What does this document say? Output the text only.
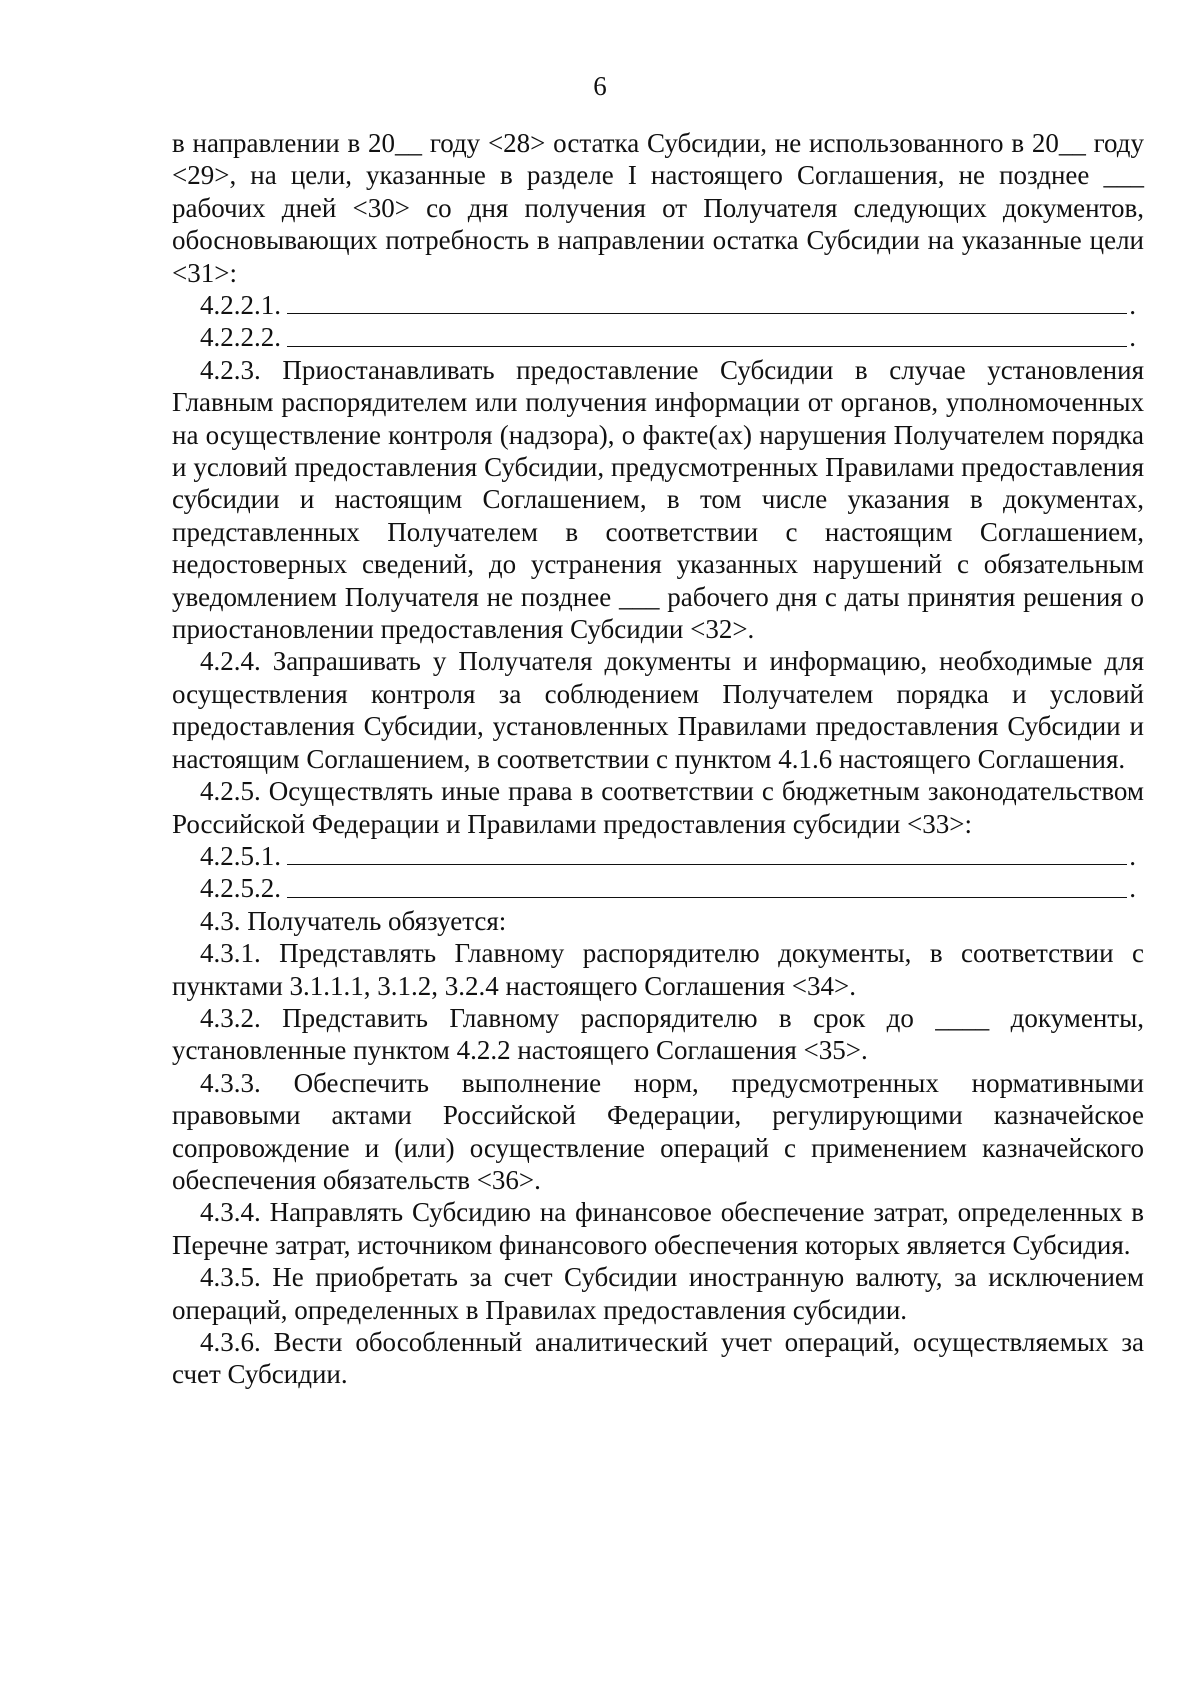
6

в направлении в 20__ году <28> остатка Субсидии, не использованного в 20__ году <29>, на цели, указанные в разделе I настоящего Соглашения, не позднее ___ рабочих дней <30> со дня получения от Получателя следующих документов, обосновывающих потребность в направлении остатка Субсидии на указанные цели <31>:

4.2.2.1.	.
4.2.2.2.	.

4.2.3. Приостанавливать предоставление Субсидии в случае установления Главным распорядителем или получения информации от органов, уполномоченных на осуществление контроля (надзора), о факте(ах) нарушения Получателем порядка и условий предоставления Субсидии, предусмотренных Правилами предоставления субсидии и настоящим Соглашением, в том числе указания в документах, представленных Получателем в соответствии с настоящим Соглашением, недостоверных сведений, до устранения указанных нарушений с обязательным уведомлением Получателя не позднее ___ рабочего дня с даты принятия решения о приостановлении предоставления Субсидии <32>.

4.2.4. Запрашивать у Получателя документы и информацию, необходимые для осуществления контроля за соблюдением Получателем порядка и условий предоставления Субсидии, установленных Правилами предоставления Субсидии и настоящим Соглашением, в соответствии с пунктом 4.1.6 настоящего Соглашения.

4.2.5. Осуществлять иные права в соответствии с бюджетным законодательством Российской Федерации и Правилами предоставления субсидии <33>:

4.2.5.1.	.
4.2.5.2.	.

4.3. Получатель обязуется:

4.3.1. Представлять Главному распорядителю документы, в соответствии с пунктами 3.1.1.1, 3.1.2, 3.2.4 настоящего Соглашения <34>.

4.3.2. Представить Главному распорядителю в срок до ____ документы, установленные пунктом 4.2.2 настоящего Соглашения <35>.

4.3.3. Обеспечить выполнение норм, предусмотренных нормативными правовыми актами Российской Федерации, регулирующими казначейское сопровождение и (или) осуществление операций с применением казначейского обеспечения обязательств <36>.

4.3.4. Направлять Субсидию на финансовое обеспечение затрат, определенных в Перечне затрат, источником финансового обеспечения которых является Субсидия.

4.3.5. Не приобретать за счет Субсидии иностранную валюту, за исключением операций, определенных в Правилах предоставления субсидии.

4.3.6. Вести обособленный аналитический учет операций, осуществляемых за счет Субсидии.
